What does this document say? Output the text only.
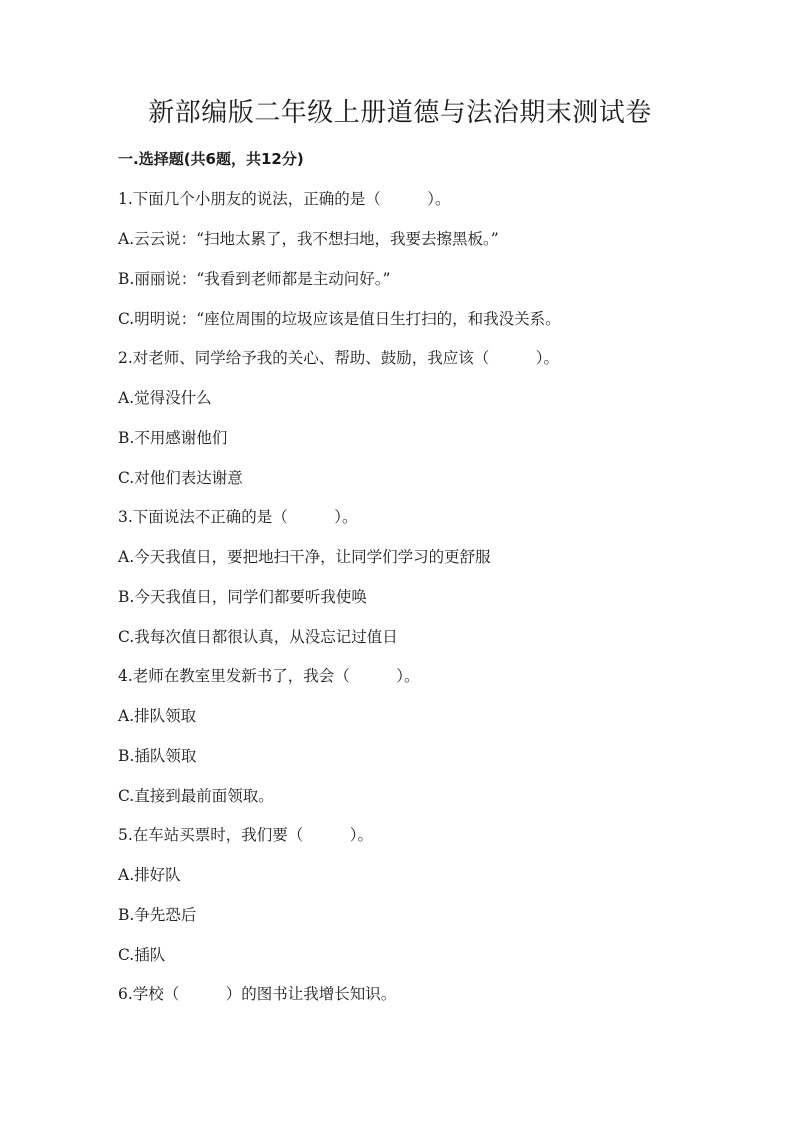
新部编版二年级上册道德与法治期末测试卷
一.选择题(共6题，共12分)
1.下面几个小朋友的说法，正确的是（　　　）。
A.云云说：“扫地太累了，我不想扫地，我要去擦黑板。”
B.丽丽说：“我看到老师都是主动问好。”
C.明明说：“座位周围的垃圾应该是值日生打扫的，和我没关系。
2.对老师、同学给予我的关心、帮助、鼓励，我应该（　　　）。
A.觉得没什么
B.不用感谢他们
C.对他们表达谢意
3.下面说法不正确的是（　　　）。
A.今天我值日，要把地扫干净，让同学们学习的更舒服
B.今天我值日，同学们都要听我使唤
C.我每次值日都很认真，从没忘记过值日
4.老师在教室里发新书了，我会（　　　）。
A.排队领取
B.插队领取
C.直接到最前面领取。
5.在车站买票时，我们要（　　　）。
A.排好队
B.争先恐后
C.插队
6.学校（　　　）的图书让我增长知识。
